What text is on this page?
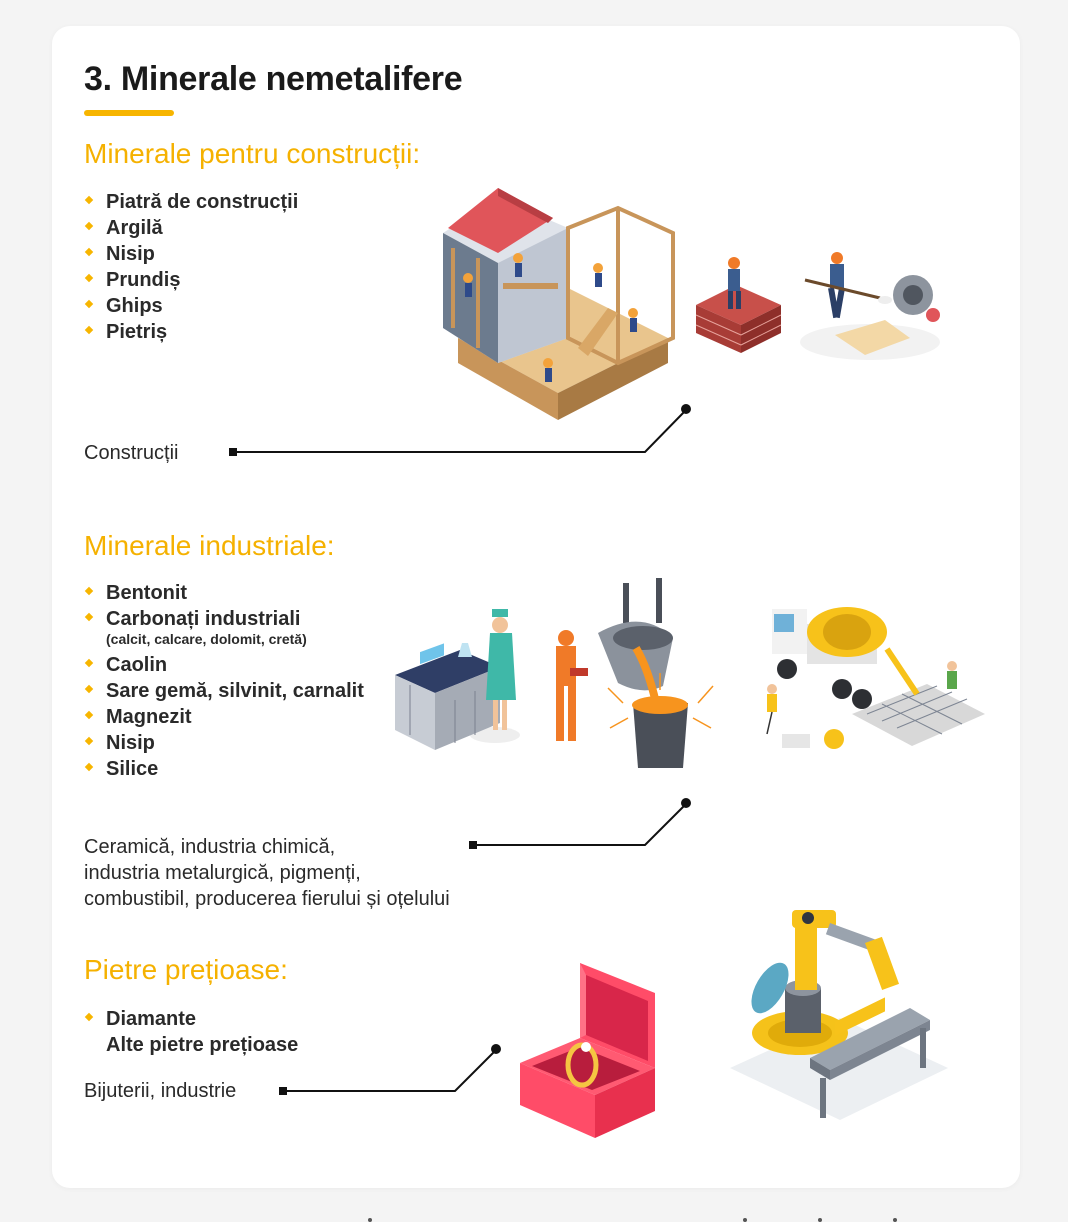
3. Minerale nemetalifere
Minerale pentru construcții:
Piatră de construcții
Argilă
Nisip
Prundiș
Ghips
Pietriș

Construcții

Minerale industriale:
Bentonit
Carbonați industriali
(calcit, calcare, dolomit, cretă)
Caolin
Sare gemă, silvinit, carnalit
Magnezit
Nisip
Silice
Ceramică, industria chimică,
industria metalurgică, pigmenți,
combustibil, producerea fierului și oțelului
Pietre prețioase:
Diamante
Alte pietre prețioase

Bijuterii, industrie
